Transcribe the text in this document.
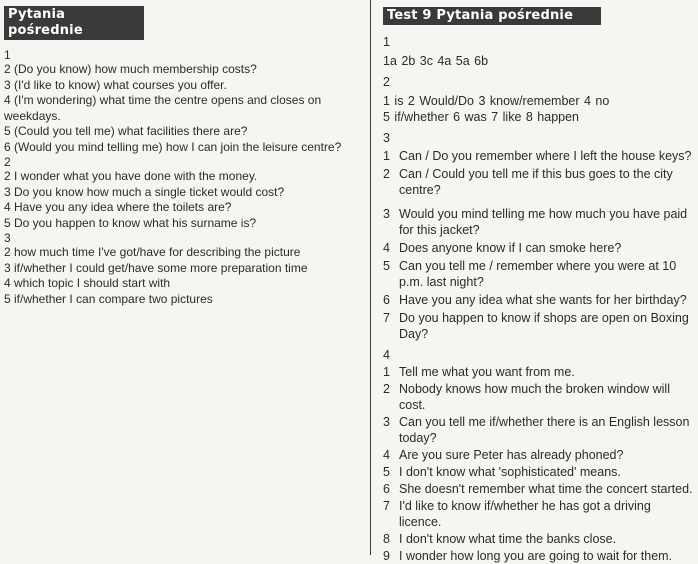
Pytania pośrednie
1
2 (Do you know) how much membership costs?
3 (I'd like to know) what courses you offer.
4 (I'm wondering) what time the centre opens and closes on weekdays.
5 (Could you tell me) what facilities there are?
6 (Would you mind telling me) how I can join the leisure centre?
2
2 I wonder what you have done with the money.
3 Do you know how much a single ticket would cost?
4 Have you any idea where the toilets are?
5 Do you happen to know what his surname is?
3
2 how much time I've got/have for describing the picture
3 if/whether I could get/have some more preparation time
4 which topic I should start with
5 if/whether I can compare two pictures
Test 9 Pytania pośrednie
1
1a 2b 3c 4a 5a 6b
2
1 is 2 Would/Do 3 know/remember 4 no
5 if/whether 6 was 7 like 8 happen
3
1 Can / Do you remember where I left the house keys?
2 Can / Could you tell me if this bus goes to the city centre?
3 Would you mind telling me how much you have paid for this jacket?
4 Does anyone know if I can smoke here?
5 Can you tell me / remember where you were at 10 p.m. last night?
6 Have you any idea what she wants for her birthday?
7 Do you happen to know if shops are open on Boxing Day?
4
1 Tell me what you want from me.
2 Nobody knows how much the broken window will cost.
3 Can you tell me if/whether there is an English lesson today?
4 Are you sure Peter has already phoned?
5 I don't know what 'sophisticated' means.
6 She doesn't remember what time the concert started.
7 I'd like to know if/whether he has got a driving licence.
8 I don't know what time the banks close.
9 I wonder how long you are going to wait for them.
